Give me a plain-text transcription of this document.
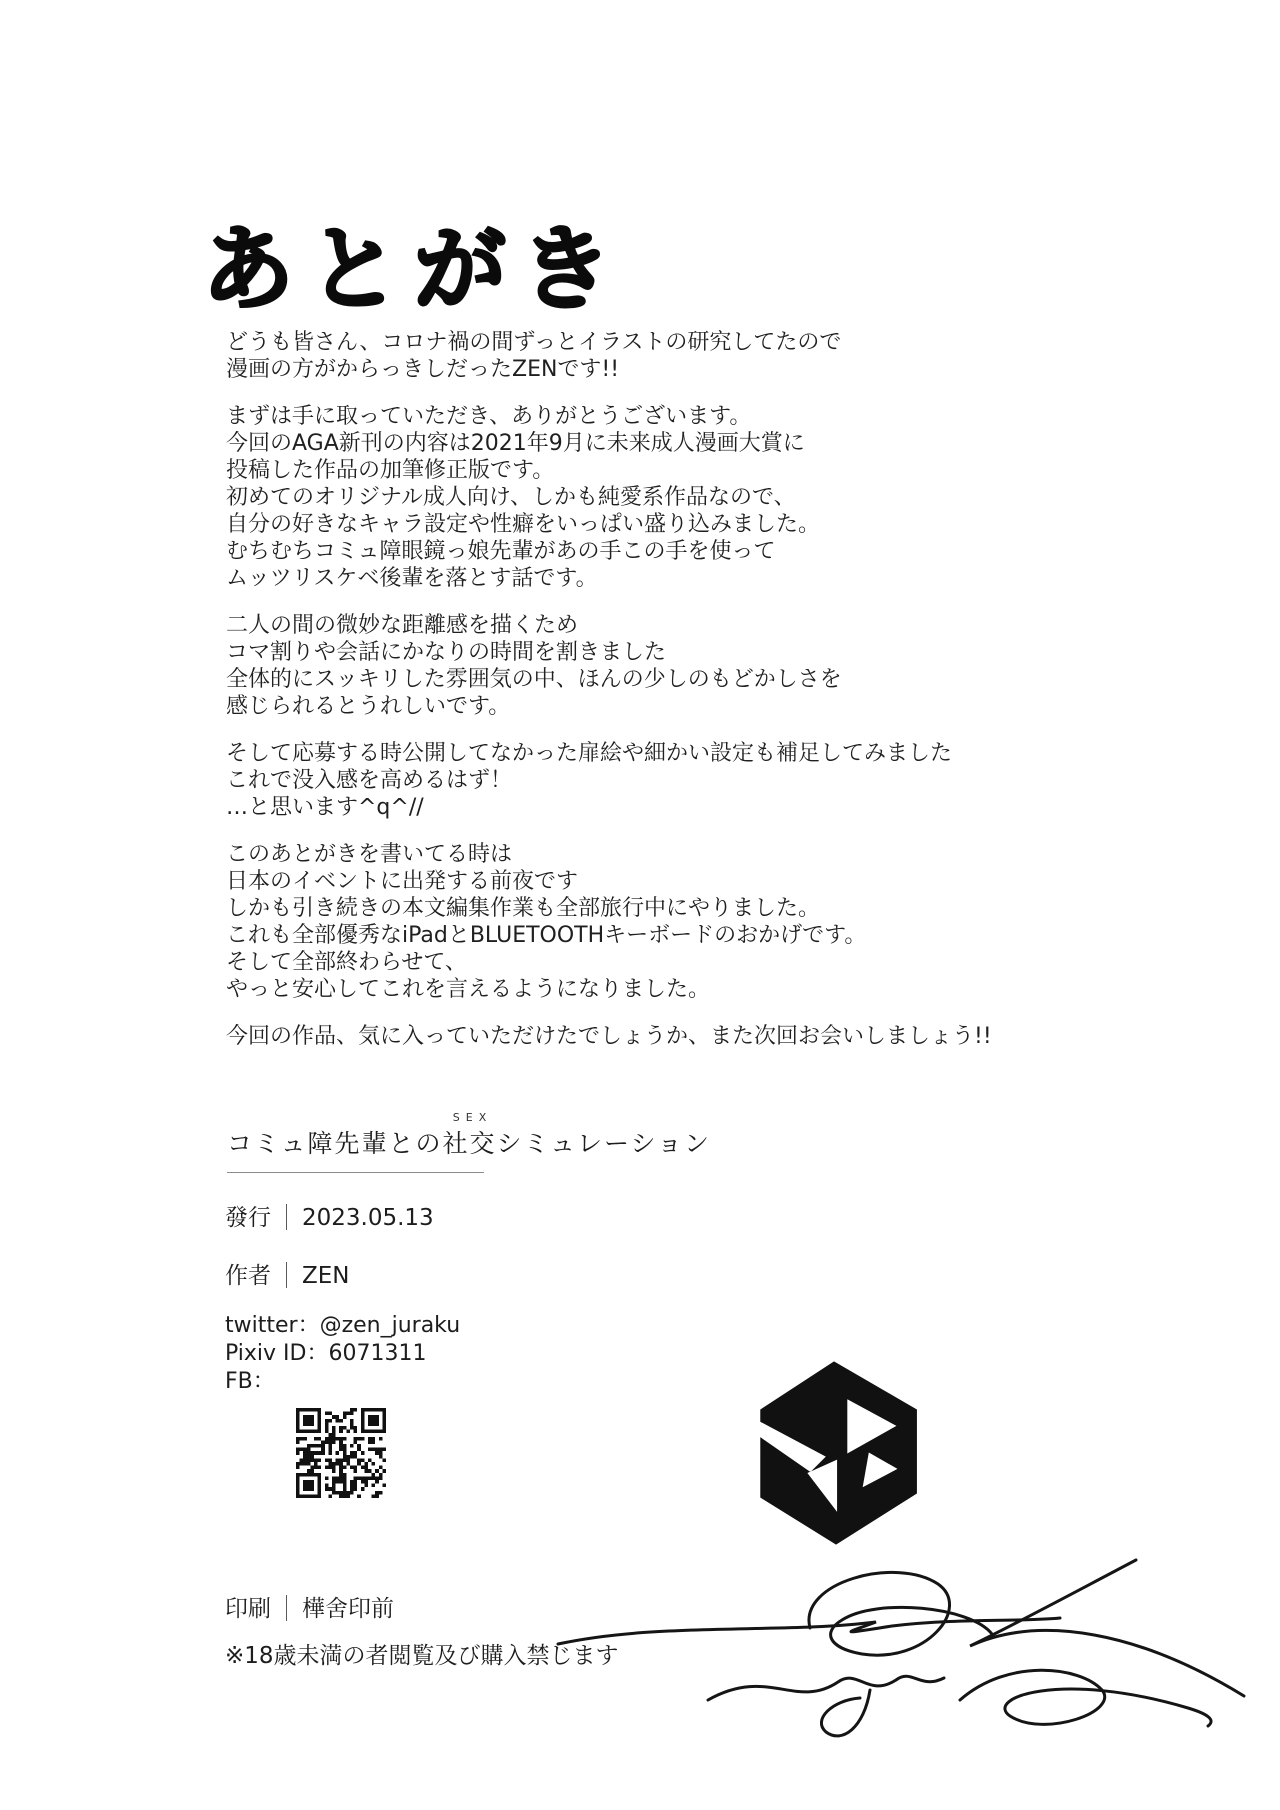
あとがき
どうも皆さん、コロナ禍の間ずっとイラストの研究してたので
漫画の方がからっきしだったZENです!!
まずは手に取っていただき、ありがとうございます。
今回のAGA新刊の内容は2021年9月に未来成人漫画大賞に
投稿した作品の加筆修正版です。
初めてのオリジナル成人向け、しかも純愛系作品なので、
自分の好きなキャラ設定や性癖をいっぱい盛り込みました。
むちむちコミュ障眼鏡っ娘先輩があの手この手を使って
ムッツリスケベ後輩を落とす話です。
二人の間の微妙な距離感を描くため
コマ割りや会話にかなりの時間を割きました
全体的にスッキリした雰囲気の中、ほんの少しのもどかしさを
感じられるとうれしいです。
そして応募する時公開してなかった扉絵や細かい設定も補足してみました
これで没入感を高めるはず！
…と思います^q^//
このあとがきを書いてる時は
日本のイベントに出発する前夜です
しかも引き続きの本文編集作業も全部旅行中にやりました。
これも全部優秀なiPadとBLUETOOTHキーボードのおかげです。
そして全部終わらせて、
やっと安心してこれを言えるようになりました。
今回の作品、気に入っていただけたでしょうか、また次回お会いしましょう!!
コミュ障先輩との
SEX
社交シミュレーション
發行 2023.05.13
作者 ZEN
twitter：@zen_juraku
Pixiv ID：6071311
FB：
印刷 樺舍印前
※18歳未満の者閲覧及び購入禁じます
